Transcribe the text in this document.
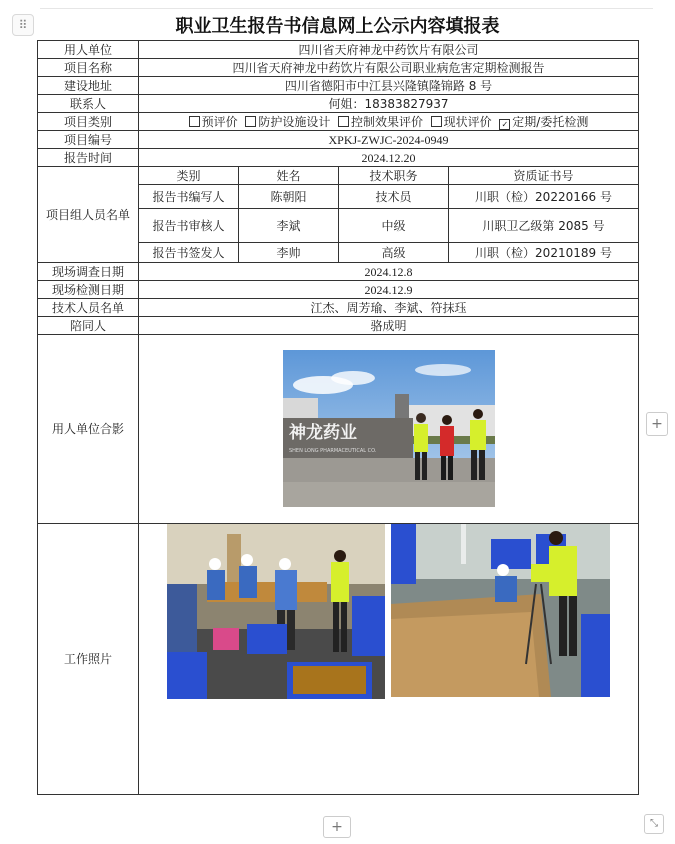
⠿	职业卫生报告书信息网上公示内容填报表
用人单位	四川省天府神龙中药饮片有限公司			
项目名称	四川省天府神龙中药饮片有限公司职业病危害定期检测报告			
建设地址	四川省德阳市中江县兴隆镇隆锦路 8 号			
联系人	何姐：18383827937			
项目类别	预评价 防护设施设计 控制效果评价 现状评价 ✓ 定期/委托检测			
项目编号	XPKJ-ZWJC-2024-0949			
报告时间	2024.12.20			
项目组人员名单	类别	姓名	技术职务	资质证书号
	报告书编写人	陈朝阳	技术员	川职（检）20220166 号
	报告书审核人	李斌	中级	川职卫乙级第 2085 号
	报告书签发人	李帅	高级	川职（检）20210189 号
现场调查日期	2024.12.8			
现场检测日期	2024.12.9			
技术人员名单	江杰、周芳瑜、李斌、符抹珏			
陪同人	骆成明			
用人单位合影	神龙药业
SHEN LONG PHARMACEUTICAL CO.			

工作照片	
+
+	⤡
